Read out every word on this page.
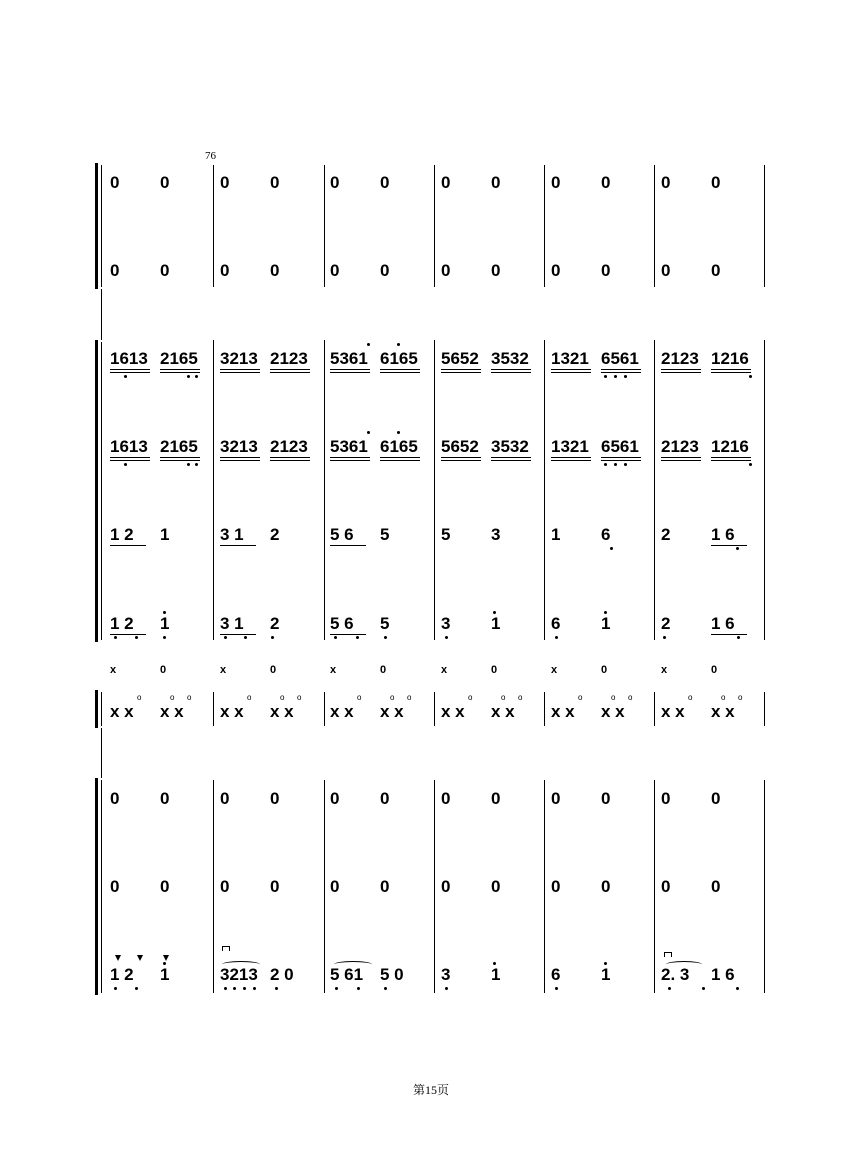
76
0 0	0 0	0 0	0 0	0 0	0 0
0 0	0 0	0 0	0 0	0 0	0 0
1613 2165 3213 2123 5361 6165 5652 3532 1321 6561 2123 1216
1613 2165 3213 2123 5361 6165 5652 3532 1321 6561 2123 1216
1 2 1	3 1 2	5 6 5	5 3	1 6	2 1 6
1 2 1	3 1 2	5 6 5	3 1	6 1	2 1 6
x	0	x	0	x	0	x	0	x	0	x	0
x x x x x x x x x x x x x x x x x x x x x x x x
0 0	0 0	0 0	0 0	0 0	0 0
0 0	0 0	0 0	0 0	0 0	0 0
1 2 1	3213 2 0 5 61 5 0 3 1	6 1	2. 3 1 6
o	o o	o	o o	o	o o	o	o o	o	o o	o	o o
第15页
